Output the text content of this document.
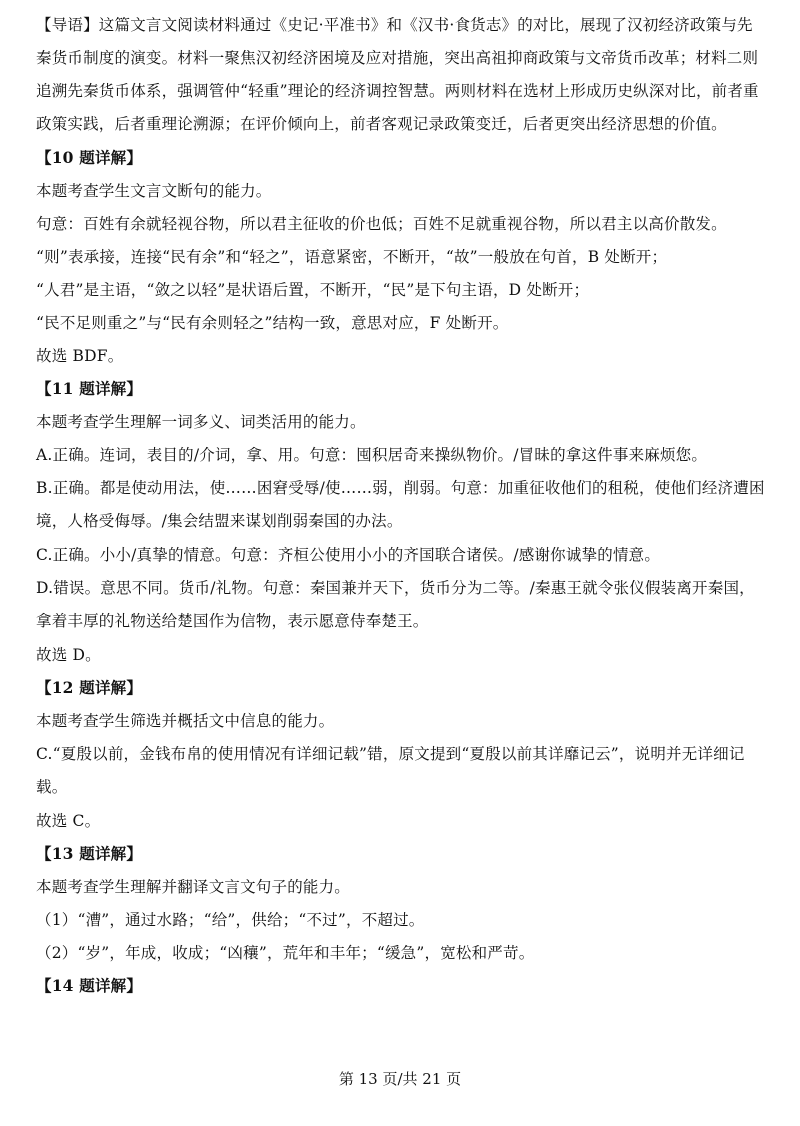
【导语】这篇文言文阅读材料通过《史记·平准书》和《汉书·食货志》的对比，展现了汉初经济政策与先秦货币制度的演变。材料一聚焦汉初经济困境及应对措施，突出高祖抑商政策与文帝货币改革；材料二则追溯先秦货币体系，强调管仲“轻重”理论的经济调控智慧。两则材料在选材上形成历史纵深对比，前者重政策实践，后者重理论溯源；在评价倾向上，前者客观记录政策变迁，后者更突出经济思想的价值。

【10 题详解】

本题考查学生文言文断句的能力。

句意：百姓有余就轻视谷物，所以君主征收的价也低；百姓不足就重视谷物，所以君主以高价散发。

“则”表承接，连接“民有余”和“轻之”，语意紧密，不断开，“故”一般放在句首，B 处断开；

“人君”是主语，“敛之以轻”是状语后置，不断开，“民”是下句主语，D 处断开；

“民不足则重之”与“民有余则轻之”结构一致，意思对应，F 处断开。

故选 BDF。

【11 题详解】

本题考查学生理解一词多义、词类活用的能力。

A.正确。连词，表目的/介词，拿、用。句意：囤积居奇来操纵物价。/冒昧的拿这件事来麻烦您。

B.正确。都是使动用法，使……困窘受辱/使……弱，削弱。句意：加重征收他们的租税，使他们经济遭困境，人格受侮辱。/集会结盟来谋划削弱秦国的办法。

C.正确。小小/真挚的情意。句意：齐桓公使用小小的齐国联合诸侯。/感谢你诚挚的情意。

D.错误。意思不同。货币/礼物。句意：秦国兼并天下，货币分为二等。/秦惠王就令张仪假装离开秦国，拿着丰厚的礼物送给楚国作为信物，表示愿意侍奉楚王。

故选 D。

【12 题详解】

本题考查学生筛选并概括文中信息的能力。

C.“夏殷以前，金钱布帛的使用情况有详细记载”错，原文提到“夏殷以前其详靡记云”，说明并无详细记载。

故选 C。

【13 题详解】

本题考查学生理解并翻译文言文句子的能力。

（1）“漕”，通过水路；“给”，供给；“不过”，不超过。

（2）“岁”，年成，收成；“凶穰”，荒年和丰年；“缓急”，宽松和严苛。

【14 题详解】

第 13 页/共 21 页
